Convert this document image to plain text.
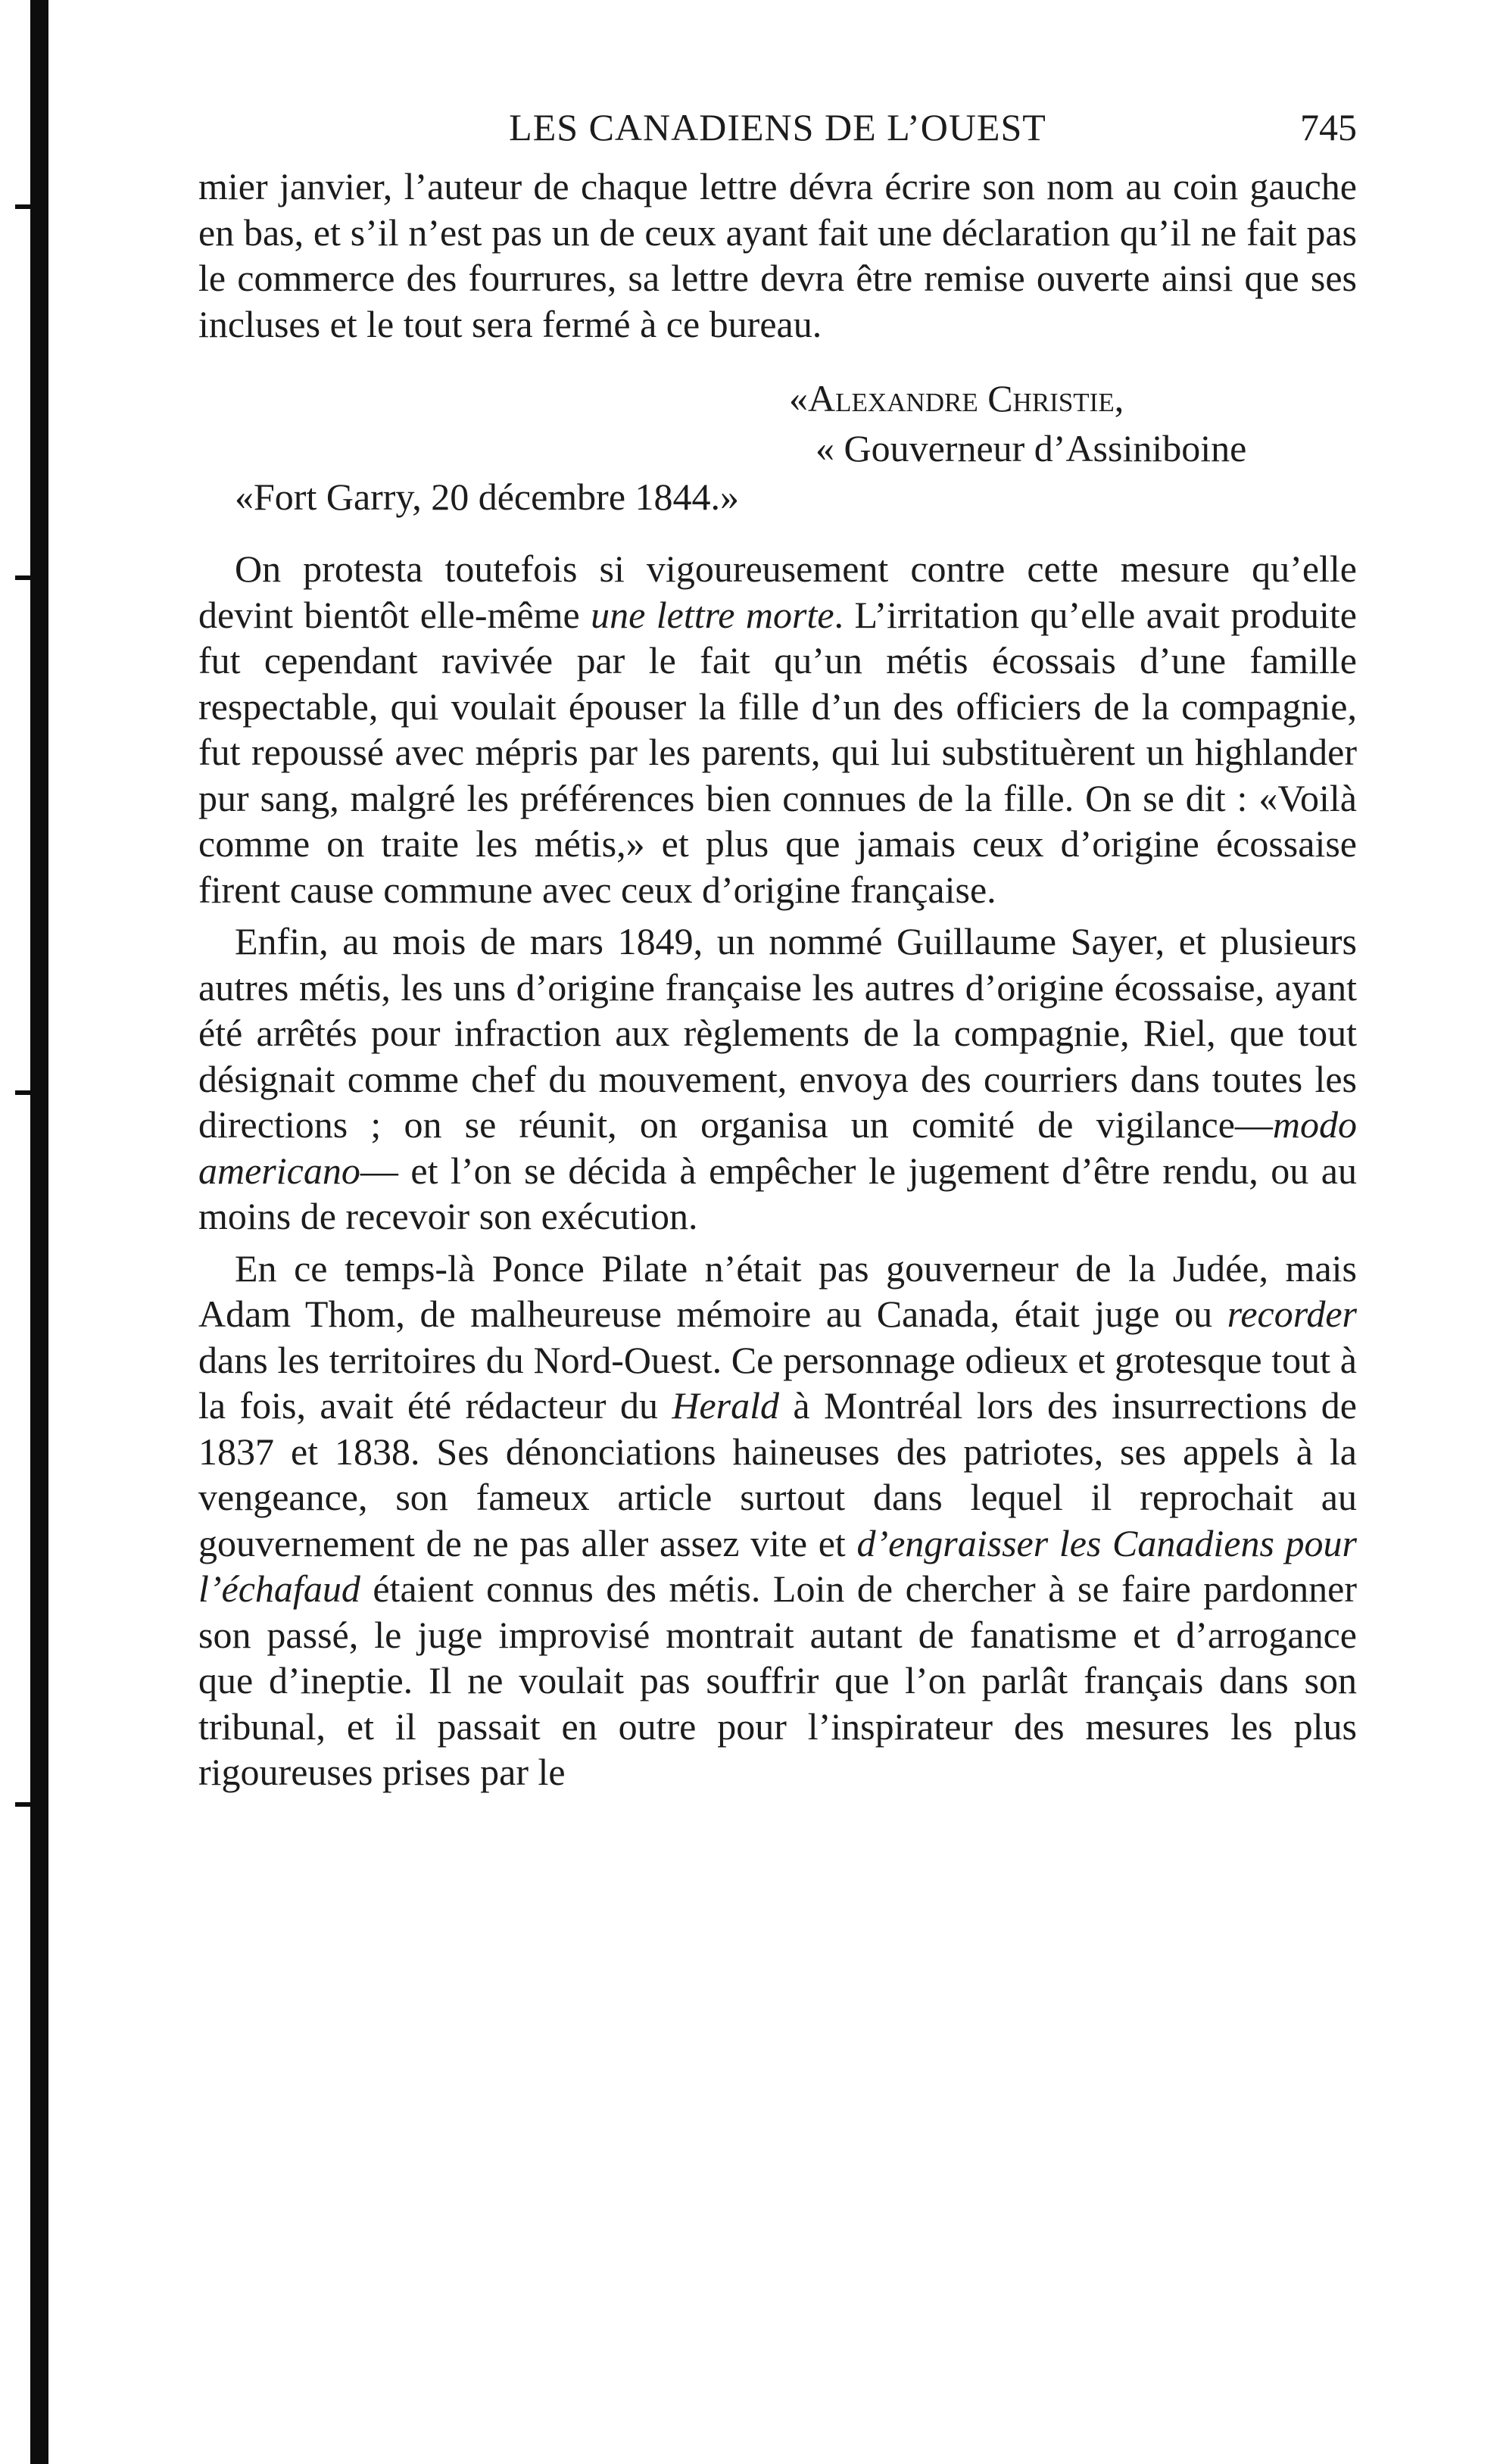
LES CANADIENS DE L’OUEST	745

mier janvier, l’auteur de chaque lettre dévra écrire son nom au coin gauche en bas, et s’il n’est pas un de ceux ayant fait une déclaration qu’il ne fait pas le commerce des fourrures, sa lettre devra être remise ouverte ainsi que ses incluses et le tout sera fermé à ce bureau.

«Alexandre Christie,
« Gouverneur d’Assiniboine
«Fort Garry, 20 décembre 1844.»

On protesta toutefois si vigoureusement contre cette mesure qu’elle devint bientôt elle-même une lettre morte. L’irritation qu’elle avait produite fut cependant ravivée par le fait qu’un métis écossais d’une famille respectable, qui voulait épouser la fille d’un des officiers de la compagnie, fut repoussé avec mépris par les parents, qui lui substituèrent un highlander pur sang, malgré les préférences bien connues de la fille. On se dit : «Voilà comme on traite les métis,» et plus que jamais ceux d’origine écossaise firent cause commune avec ceux d’origine française.

Enfin, au mois de mars 1849, un nommé Guillaume Sayer, et plusieurs autres métis, les uns d’origine française les autres d’origine écossaise, ayant été arrêtés pour infraction aux règlements de la compagnie, Riel, que tout désignait comme chef du mouvement, envoya des courriers dans toutes les directions ; on se réunit, on organisa un comité de vigilance—modo americano— et l’on se décida à empêcher le jugement d’être rendu, ou au moins de recevoir son exécution.

En ce temps-là Ponce Pilate n’était pas gouverneur de la Judée, mais Adam Thom, de malheureuse mémoire au Canada, était juge ou recorder dans les territoires du Nord-Ouest. Ce personnage odieux et grotesque tout à la fois, avait été rédacteur du Herald à Montréal lors des insurrections de 1837 et 1838. Ses dénonciations haineuses des patriotes, ses appels à la vengeance, son fameux article surtout dans lequel il reprochait au gouvernement de ne pas aller assez vite et d’engraisser les Canadiens pour l’échafaud étaient connus des métis. Loin de chercher à se faire pardonner son passé, le juge improvisé montrait autant de fanatisme et d’arrogance que d’ineptie. Il ne voulait pas souffrir que l’on parlât français dans son tribunal, et il passait en outre pour l’inspirateur des mesures les plus rigoureuses prises par le
